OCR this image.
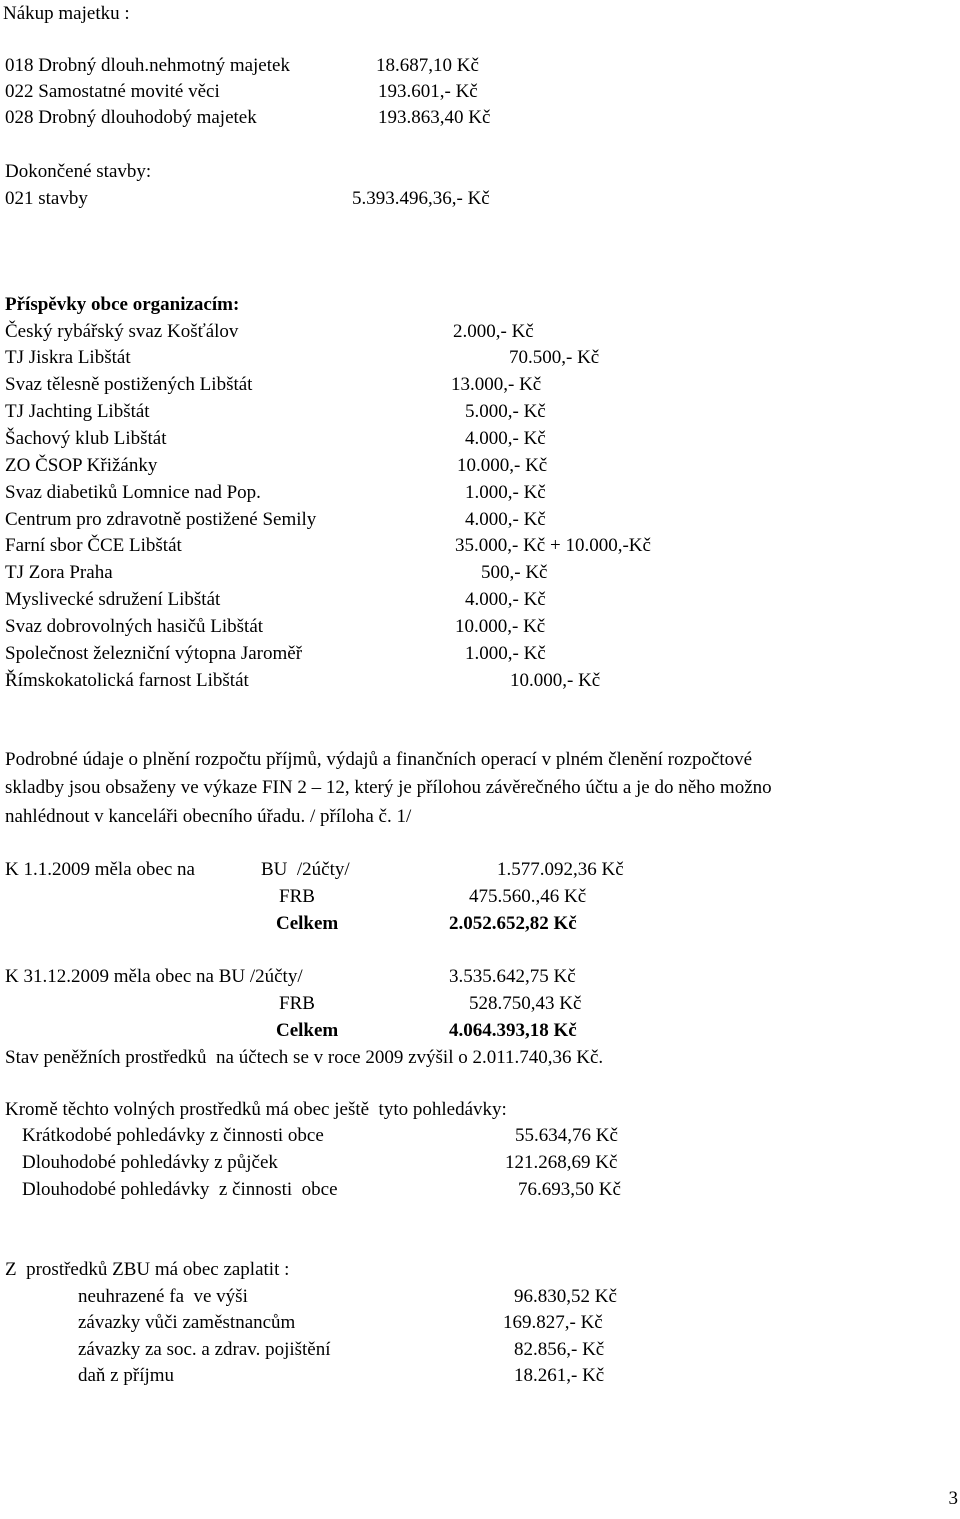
Nákup majetku :
018 Drobný dlouh.nehmotný majetek	18.687,10 Kč
022 Samostatné movité věci	193.601,- Kč
028 Drobný dlouhodobý majetek	193.863,40 Kč
Dokončené stavby:
021 stavby	5.393.496,36,- Kč
Příspěvky obce organizacím:
Český rybářský svaz Košťálov	2.000,- Kč
TJ Jiskra Libštát	70.500,- Kč
Svaz tělesně postižených Libštát	13.000,- Kč
TJ Jachting Libštát	5.000,- Kč
Šachový klub Libštát	4.000,- Kč
ZO ČSOP Křižánky	10.000,- Kč
Svaz diabetiků Lomnice nad Pop.	1.000,- Kč
Centrum pro zdravotně postižené Semily	4.000,- Kč
Farní sbor ČCE Libštát	35.000,- Kč + 10.000,-Kč
TJ Zora Praha	500,- Kč
Myslivecké sdružení Libštát	4.000,- Kč
Svaz dobrovolných hasičů Libštát	10.000,- Kč
Společnost železniční výtopna Jaroměř	1.000,- Kč
Římskokatolická farnost Libštát	10.000,- Kč
Podrobné údaje o plnění rozpočtu příjmů, výdajů a finančních operací v plném členění rozpočtové
skladby jsou obsaženy ve výkaze FIN 2 – 12, který je přílohou závěrečného účtu a je do něho možno
nahlédnout v kanceláři obecního úřadu. / příloha č. 1/
K 1.1.2009 měla obec na	BU  /2účty/	1.577.092,36 Kč
FRB	475.560.,46 Kč
Celkem	2.052.652,82 Kč
K 31.12.2009 měla obec na BU /2účty/	3.535.642,75 Kč
FRB	528.750,43 Kč
Celkem	4.064.393,18 Kč
Stav peněžních prostředků  na účtech se v roce 2009 zvýšil o 2.011.740,36 Kč.
Kromě těchto volných prostředků má obec ještě  tyto pohledávky:
Krátkodobé pohledávky z činnosti obce	55.634,76 Kč
Dlouhodobé pohledávky z půjček	121.268,69 Kč
Dlouhodobé pohledávky  z činnosti  obce	76.693,50 Kč
Z  prostředků ZBU má obec zaplatit :
neuhrazené fa  ve výši	96.830,52 Kč
závazky vůči zaměstnancům	169.827,- Kč
závazky za soc. a zdrav. pojištění	82.856,- Kč
daň z příjmu	18.261,- Kč
3
